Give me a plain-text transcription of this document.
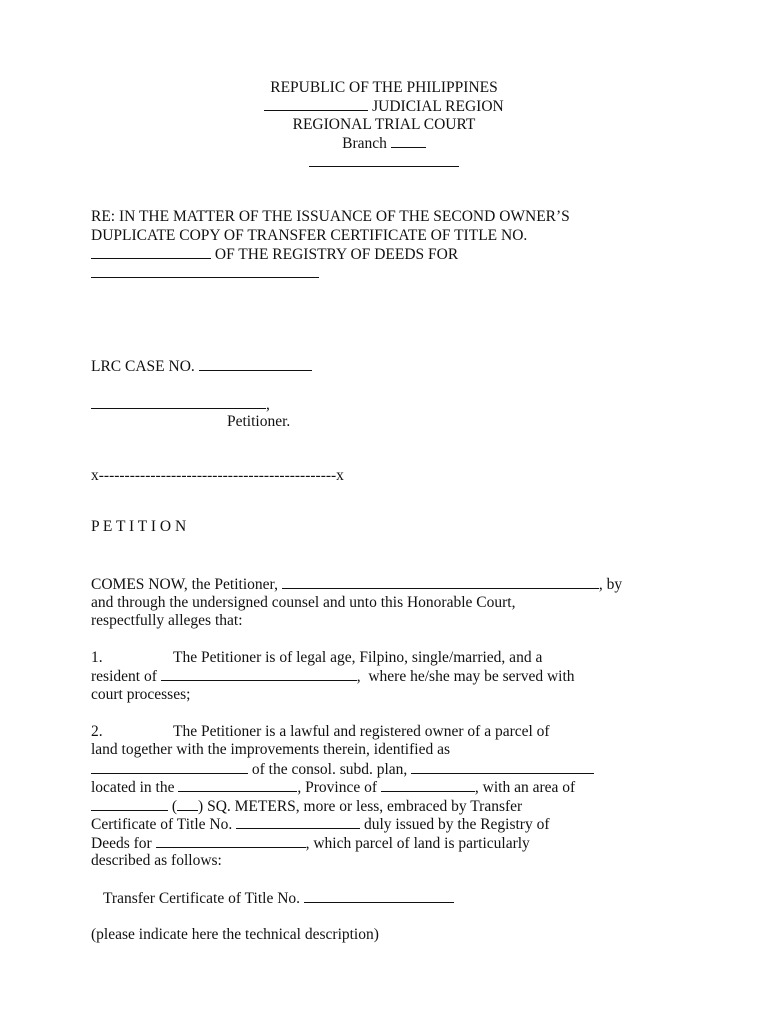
REPUBLIC OF THE PHILIPPINES
JUDICIAL REGION
REGIONAL TRIAL COURT
Branch
RE: IN THE MATTER OF THE ISSUANCE OF THE SECOND OWNER’S
DUPLICATE COPY OF TRANSFER CERTIFICATE OF TITLE NO.
OF THE REGISTRY OF DEEDS FOR
LRC CASE NO.
,
Petitioner.
x----------------------------------------------x
P E T I T I O N
COMES NOW, the Petitioner,	, by
and through the undersigned counsel and unto this Honorable Court,
respectfully alleges that:
1.	The Petitioner is of legal age, Filpino, single/married, and a
resident of	,  where he/she may be served with
court processes;
2.	The Petitioner is a lawful and registered owner of a parcel of
land together with the improvements therein, identified as
of the consol. subd. plan,
located in the	, Province of	, with an area of
( ) SQ. METERS, more or less, embraced by Transfer
Certificate of Title No.	duly issued by the Registry of
Deeds for	, which parcel of land is particularly
described as follows:
Transfer Certificate of Title No.
(please indicate here the technical description)
